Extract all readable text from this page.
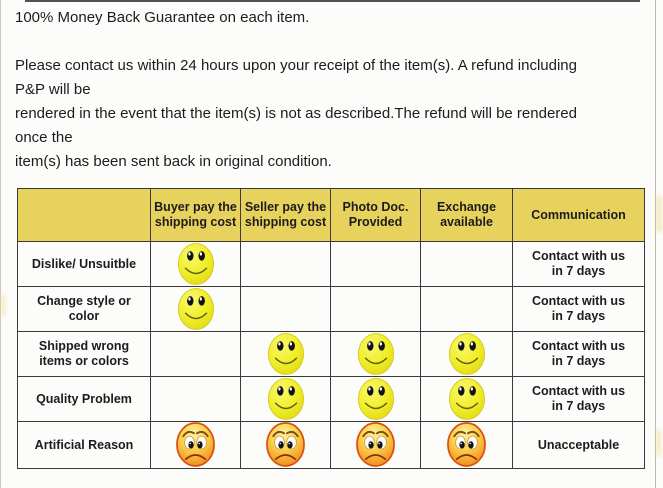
100% Money Back Guarantee on each item.

Please contact us within 24 hours upon your receipt of the item(s). A refund including
P&P will be
rendered in the event that the item(s) is not as described.The refund will be rendered
once the
item(s) has been sent back in original condition.
	Buyer pay the shipping cost	Seller pay the shipping cost	Photo Doc. Provided	Exchange available	Communication
Dislike/ Unsuitble					Contact with us in 7 days
Change style or color					Contact with us in 7 days
Shipped wrong items or colors					Contact with us in 7 days
Quality Problem					Contact with us in 7 days
Artificial Reason					Unacceptable
